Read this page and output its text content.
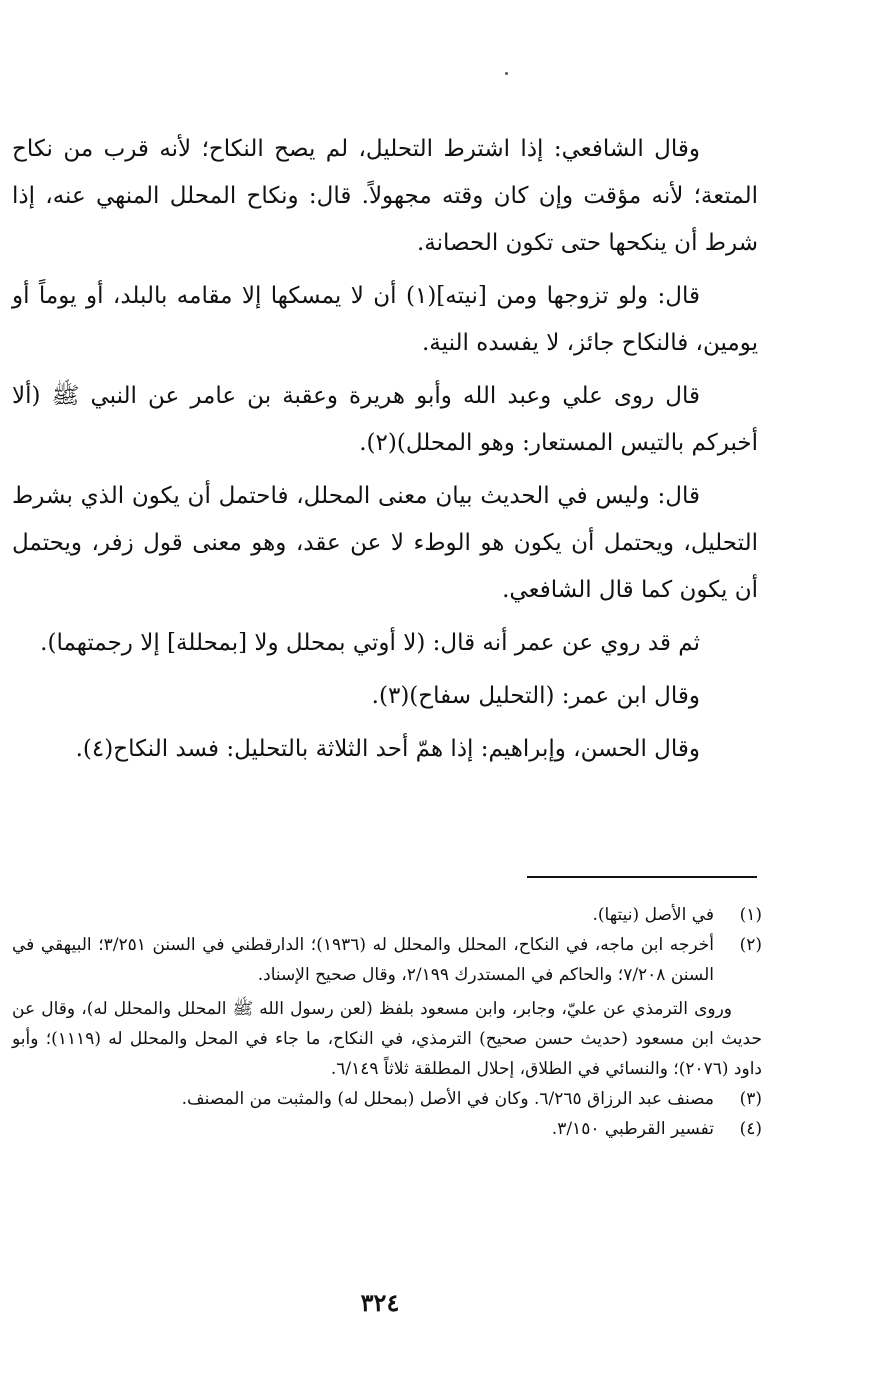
وقال الشافعي: إذا اشترط التحليل، لم يصح النكاح؛ لأنه قرب من نكاح المتعة؛ لأنه مؤقت وإن كان وقته مجهولاً. قال: ونكاح المحلل المنهي عنه، إذا شرط أن ينكحها حتى تكون الحصانة.

قال: ولو تزوجها ومن [نيته](١) أن لا يمسكها إلا مقامه بالبلد، أو يوماً أو يومين، فالنكاح جائز، لا يفسده النية.

قال روى علي وعبد الله وأبو هريرة وعقبة بن عامر عن النبي ﷺ (ألا أخبركم بالتيس المستعار: وهو المحلل)(٢).

قال: وليس في الحديث بيان معنى المحلل، فاحتمل أن يكون الذي بشرط التحليل، ويحتمل أن يكون هو الوطء لا عن عقد، وهو معنى قول زفر، ويحتمل أن يكون كما قال الشافعي.

ثم قد روي عن عمر أنه قال: (لا أوتي بمحلل ولا [بمحللة] إلا رجمتهما).

وقال ابن عمر: (التحليل سفاح)(٣).

وقال الحسن، وإبراهيم: إذا همّ أحد الثلاثة بالتحليل: فسد النكاح(٤).

(١)
في الأصل (نيتها).
(٢)
أخرجه ابن ماجه، في النكاح، المحلل والمحلل له (١٩٣٦)؛ الدارقطني في السنن ٣/٢٥١؛ البيهقي في السنن ٧/٢٠٨؛ والحاكم في المستدرك ٢/١٩٩، وقال صحيح الإسناد.

وروى الترمذي عن عليّ، وجابر، وابن مسعود بلفظ (لعن رسول الله ﷺ المحلل والمحلل له)، وقال عن حديث ابن مسعود (حديث حسن صحيح) الترمذي، في النكاح، ما جاء في المحل والمحلل له (١١١٩)؛ وأبو داود (٢٠٧٦)؛ والنسائي في الطلاق، إحلال المطلقة ثلاثاً ٦/١٤٩.

(٣)
مصنف عبد الرزاق ٦/٢٦٥. وكان في الأصل (بمحلل له) والمثبت من المصنف.
(٤)
تفسير القرطبي ٣/١٥٠.
٣٢٤
